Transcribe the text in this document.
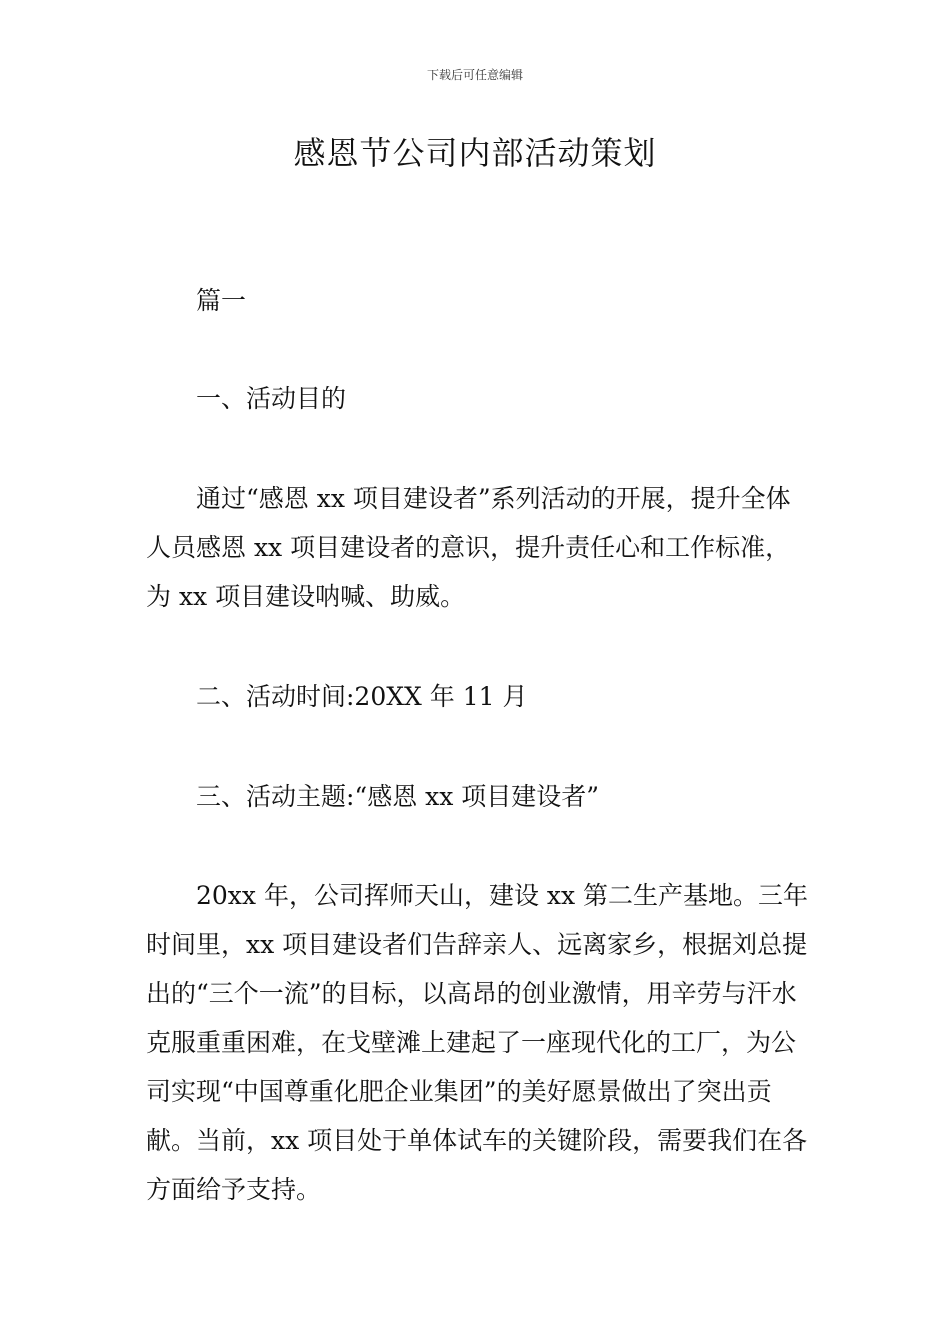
下载后可任意编辑
感恩节公司内部活动策划
篇一
一、活动目的

通过“感恩 xx 项目建设者”系列活动的开展，提升全体人员感恩 xx 项目建设者的意识，提升责任心和工作标准，为 xx 项目建设呐喊、助威。

二、活动时间:20XX 年 11 月
三、活动主题:“感恩 xx 项目建设者”

20xx 年，公司挥师天山，建设 xx 第二生产基地。三年时间里，xx 项目建设者们告辞亲人、远离家乡，根据刘总提出的“三个一流”的目标，以高昂的创业激情，用辛劳与汗水克服重重困难，在戈壁滩上建起了一座现代化的工厂，为公司实现“中国尊重化肥企业集团”的美好愿景做出了突出贡献。当前，xx 项目处于单体试车的关键阶段，需要我们在各方面给予支持。
